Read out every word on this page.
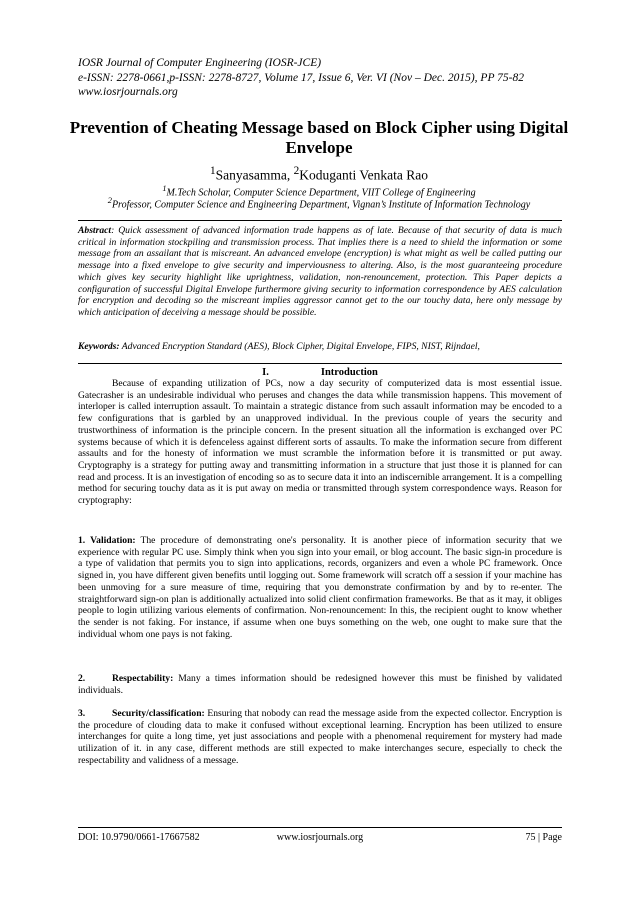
IOSR Journal of Computer Engineering (IOSR-JCE)
e-ISSN: 2278-0661,p-ISSN: 2278-8727, Volume 17, Issue 6, Ver. VI (Nov – Dec. 2015), PP 75-82
www.iosrjournals.org
Prevention of Cheating Message based on Block Cipher using Digital Envelope
$^1$Sanyasamma, $^2$Koduganti Venkata Rao
$^1$M.Tech Scholar, Computer Science Department, VIIT College of Engineering
$^2$Professor, Computer Science and Engineering Department, Vignan’s Institute of Information Technology
Abstract: Quick assessment of advanced information trade happens as of late. Because of that security of data is much critical in information stockpiling and transmission process. That implies there is a need to shield the information or some message from an assailant that is miscreant. An advanced envelope (encryption) is what might as well be called putting our message into a fixed envelope to give security and imperviousness to altering. Also, is the most guaranteeing procedure which gives key security highlight like uprightness, validation, non-renouncement, protection. This Paper depicts a configuration of successful Digital Envelope furthermore giving security to information correspondence by AES calculation for encryption and decoding so the miscreant implies aggressor cannot get to the our touchy data, here only message by which anticipation of deceiving a message should be possible.
Keywords: Advanced Encryption Standard (AES), Block Cipher, Digital Envelope, FIPS, NIST, Rijndael,
I.	Introduction
Because of expanding utilization of PCs, now a day security of computerized data is most essential issue. Gatecrasher is an undesirable individual who peruses and changes the data while transmission happens. This movement of interloper is called interruption assault. To maintain a strategic distance from such assault information may be encoded to a few configurations that is garbled by an unapproved individual. In the previous couple of years the security and trustworthiness of information is the principle concern. In the present situation all the information is exchanged over PC systems because of which it is defenceless against different sorts of assaults. To make the information secure from different assaults and for the honesty of information we must scramble the information before it is transmitted or put away. Cryptography is a strategy for putting away and transmitting information in a structure that just those it is planned for can read and process. It is an investigation of encoding so as to secure data it into an indiscernible arrangement. It is a compelling method for securing touchy data as it is put away on media or transmitted through system correspondence ways. Reason for cryptography:
1. Validation: The procedure of demonstrating one's personality. It is another piece of information security that we experience with regular PC use. Simply think when you sign into your email, or blog account. The basic sign-in procedure is a type of validation that permits you to sign into applications, records, organizers and even a whole PC framework. Once signed in, you have different given benefits until logging out. Some framework will scratch off a session if your machine has been unmoving for a sure measure of time, requiring that you demonstrate confirmation by and by to re-enter. The straightforward sign-on plan is additionally actualized into solid client confirmation frameworks. Be that as it may, it obliges people to login utilizing various elements of confirmation. Non-renouncement: In this, the recipient ought to know whether the sender is not faking. For instance, if assume when one buys something on the web, one ought to make sure that the individual whom one pays is not faking.
2.	Respectability: Many a times information should be redesigned however this must be finished by validated individuals.
3.	Security/classification: Ensuring that nobody can read the message aside from the expected collector. Encryption is the procedure of clouding data to make it confused without exceptional learning. Encryption has been utilized to ensure interchanges for quite a long time, yet just associations and people with a phenomenal requirement for mystery had made utilization of it. in any case, different methods are still expected to make interchanges secure, especially to check the respectability and validness of a message.
DOI: 10.9790/0661-17667582	www.iosrjournals.org	75 | Page
